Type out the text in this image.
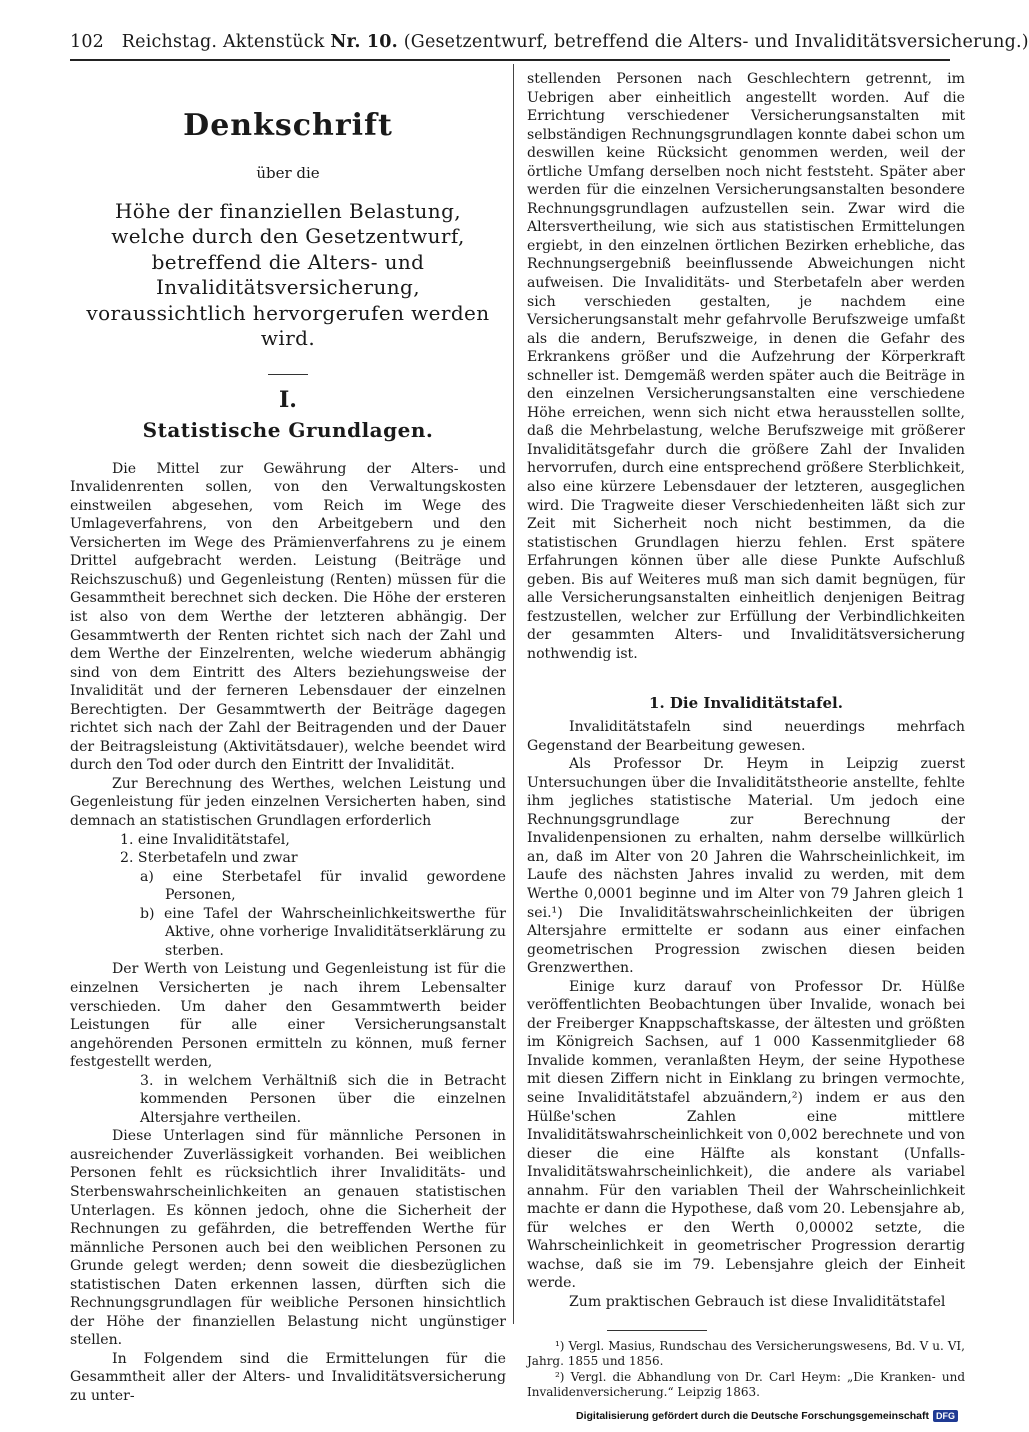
102 Reichstag. Aktenstück Nr. 10. (Gesetzentwurf, betreffend die Alters- und Invaliditätsversicherung.)
Denkschrift
über die
Höhe der finanziellen Belastung, welche durch den Gesetzentwurf, betreffend die Alters- und Invaliditätsversicherung, voraussichtlich hervorgerufen werden wird.
I.
Statistische Grundlagen.

Die Mittel zur Gewährung der Alters- und Invalidenrenten sollen, von den Verwaltungskosten einstweilen abgesehen, vom Reich im Wege des Umlageverfahrens, von den Arbeitgebern und den Versicherten im Wege des Prämienverfahrens zu je einem Drittel aufgebracht werden. Leistung (Beiträge und Reichszuschuß) und Gegenleistung (Renten) müssen für die Gesammtheit berechnet sich decken. Die Höhe der ersteren ist also von dem Werthe der letzteren abhängig. Der Gesammtwerth der Renten richtet sich nach der Zahl und dem Werthe der Einzelrenten, welche wiederum abhängig sind von dem Eintritt des Alters beziehungsweise der Invalidität und der ferneren Lebensdauer der einzelnen Berechtigten. Der Gesammtwerth der Beiträge dagegen richtet sich nach der Zahl der Beitragenden und der Dauer der Beitragsleistung (Aktivitätsdauer), welche beendet wird durch den Tod oder durch den Eintritt der Invalidität.

Zur Berechnung des Werthes, welchen Leistung und Gegenleistung für jeden einzelnen Versicherten haben, sind demnach an statistischen Grundlagen erforderlich

1. eine Invaliditätstafel,

2. Sterbetafeln und zwar

a) eine Sterbetafel für invalid gewordene Personen,

b) eine Tafel der Wahrscheinlichkeitswerthe für Aktive, ohne vorherige Invaliditätserklärung zu sterben.

Der Werth von Leistung und Gegenleistung ist für die einzelnen Versicherten je nach ihrem Lebensalter verschieden. Um daher den Gesammtwerth beider Leistungen für alle einer Versicherungsanstalt angehörenden Personen ermitteln zu können, muß ferner festgestellt werden,

3. in welchem Verhältniß sich die in Betracht kommenden Personen über die einzelnen Altersjahre vertheilen.

Diese Unterlagen sind für männliche Personen in ausreichender Zuverlässigkeit vorhanden. Bei weiblichen Personen fehlt es rücksichtlich ihrer Invaliditäts- und Sterbenswahrscheinlichkeiten an genauen statistischen Unterlagen. Es können jedoch, ohne die Sicherheit der Rechnungen zu gefährden, die betreffenden Werthe für männliche Personen auch bei den weiblichen Personen zu Grunde gelegt werden; denn soweit die diesbezüglichen statistischen Daten erkennen lassen, dürften sich die Rechnungsgrundlagen für weibliche Personen hinsichtlich der Höhe der finanziellen Belastung nicht ungünstiger stellen.

In Folgendem sind die Ermittelungen für die Gesammtheit aller der Alters- und Invaliditätsversicherung zu unter-

stellenden Personen nach Geschlechtern getrennt, im Uebrigen aber einheitlich angestellt worden. Auf die Errichtung verschiedener Versicherungsanstalten mit selbständigen Rechnungsgrundlagen konnte dabei schon um deswillen keine Rücksicht genommen werden, weil der örtliche Umfang derselben noch nicht feststeht. Später aber werden für die einzelnen Versicherungsanstalten besondere Rechnungsgrundlagen aufzustellen sein. Zwar wird die Altersvertheilung, wie sich aus statistischen Ermittelungen ergiebt, in den einzelnen örtlichen Bezirken erhebliche, das Rechnungsergebniß beeinflussende Abweichungen nicht aufweisen. Die Invaliditäts- und Sterbetafeln aber werden sich verschieden gestalten, je nachdem eine Versicherungsanstalt mehr gefahrvolle Berufszweige umfaßt als die andern, Berufszweige, in denen die Gefahr des Erkrankens größer und die Aufzehrung der Körperkraft schneller ist. Demgemäß werden später auch die Beiträge in den einzelnen Versicherungsanstalten eine verschiedene Höhe erreichen, wenn sich nicht etwa herausstellen sollte, daß die Mehrbelastung, welche Berufszweige mit größerer Invaliditätsgefahr durch die größere Zahl der Invaliden hervorrufen, durch eine entsprechend größere Sterblichkeit, also eine kürzere Lebensdauer der letzteren, ausgeglichen wird. Die Tragweite dieser Verschiedenheiten läßt sich zur Zeit mit Sicherheit noch nicht bestimmen, da die statistischen Grundlagen hierzu fehlen. Erst spätere Erfahrungen können über alle diese Punkte Aufschluß geben. Bis auf Weiteres muß man sich damit begnügen, für alle Versicherungsanstalten einheitlich denjenigen Beitrag festzustellen, welcher zur Erfüllung der Verbindlichkeiten der gesammten Alters- und Invaliditätsversicherung nothwendig ist.

1. Die Invaliditätstafel.

Invaliditätstafeln sind neuerdings mehrfach Gegenstand der Bearbeitung gewesen.

Als Professor Dr. Heym in Leipzig zuerst Untersuchungen über die Invaliditätstheorie anstellte, fehlte ihm jegliches statistische Material. Um jedoch eine Rechnungsgrundlage zur Berechnung der Invalidenpensionen zu erhalten, nahm derselbe willkürlich an, daß im Alter von 20 Jahren die Wahrscheinlichkeit, im Laufe des nächsten Jahres invalid zu werden, mit dem Werthe 0,0001 beginne und im Alter von 79 Jahren gleich 1 sei.¹) Die Invaliditätswahrscheinlichkeiten der übrigen Altersjahre ermittelte er sodann aus einer einfachen geometrischen Progression zwischen diesen beiden Grenzwerthen.

Einige kurz darauf von Professor Dr. Hülße veröffentlichten Beobachtungen über Invalide, wonach bei der Freiberger Knappschaftskasse, der ältesten und größten im Königreich Sachsen, auf 1 000 Kassenmitglieder 68 Invalide kommen, veranlaßten Heym, der seine Hypothese mit diesen Ziffern nicht in Einklang zu bringen vermochte, seine Invaliditätstafel abzuändern,²) indem er aus den Hülße'schen Zahlen eine mittlere Invaliditätswahrscheinlichkeit von 0,002 berechnete und von dieser die eine Hälfte als konstant (Unfalls-Invaliditätswahrscheinlichkeit), die andere als variabel annahm. Für den variablen Theil der Wahrscheinlichkeit machte er dann die Hypothese, daß vom 20. Lebensjahre ab, für welches er den Werth 0,00002 setzte, die Wahrscheinlichkeit in geometrischer Progression derartig wachse, daß sie im 79. Lebensjahre gleich der Einheit werde.

Zum praktischen Gebrauch ist diese Invaliditätstafel

¹) Vergl. Masius, Rundschau des Versicherungswesens, Bd. V u. VI, Jahrg. 1855 und 1856.

²) Vergl. die Abhandlung von Dr. Carl Heym: „Die Kranken- und Invalidenversicherung.“ Leipzig 1863.

Digitalisierung gefördert durch die Deutsche Forschungsgemeinschaft DFG
